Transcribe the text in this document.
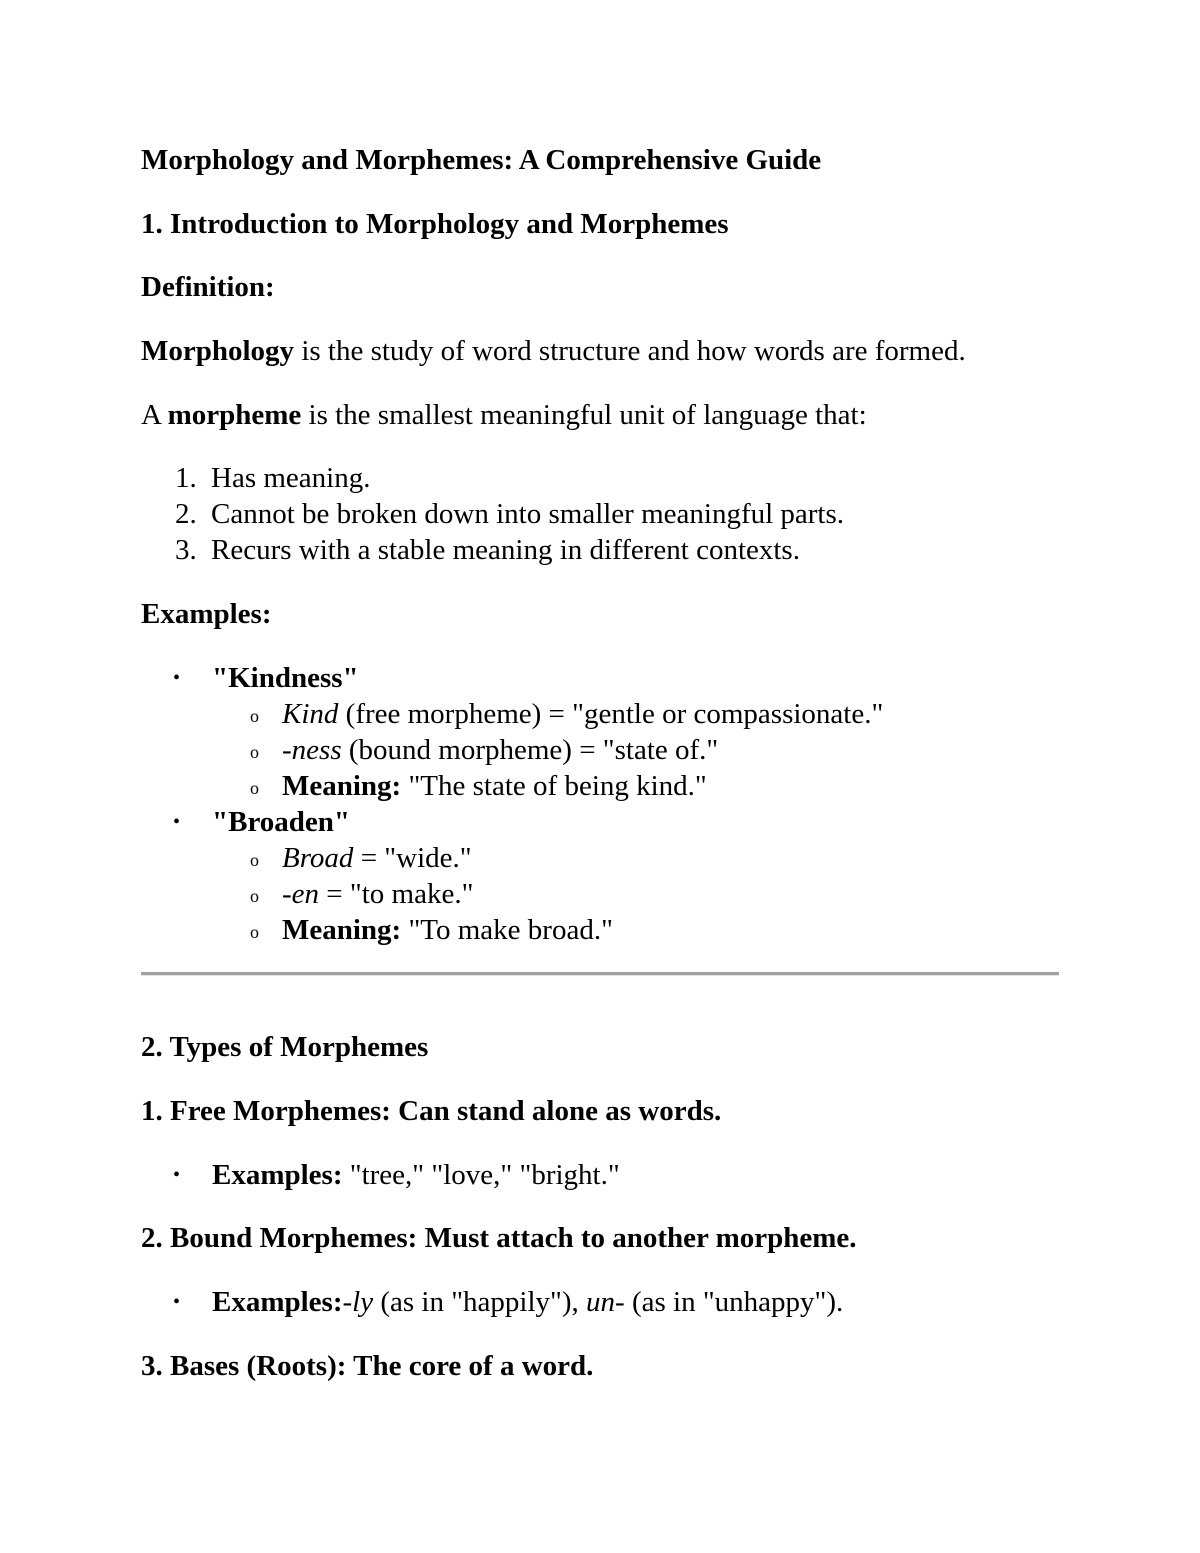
Morphology and Morphemes: A Comprehensive Guide
1. Introduction to Morphology and Morphemes
Definition:
Morphology is the study of word structure and how words are formed.
A morpheme is the smallest meaningful unit of language that:
1. Has meaning.
2. Cannot be broken down into smaller meaningful parts.
3. Recurs with a stable meaning in different contexts.
Examples:
• "Kindness"
o Kind (free morpheme) = "gentle or compassionate."
o -ness (bound morpheme) = "state of."
o Meaning: "The state of being kind."
• "Broaden"
o Broad = "wide."
o -en = "to make."
o Meaning: "To make broad."
2. Types of Morphemes
1. Free Morphemes: Can stand alone as words.
• Examples: "tree," "love," "bright."
2. Bound Morphemes: Must attach to another morpheme.
• Examples:-ly (as in "happily"), un- (as in "unhappy").
3. Bases (Roots): The core of a word.
